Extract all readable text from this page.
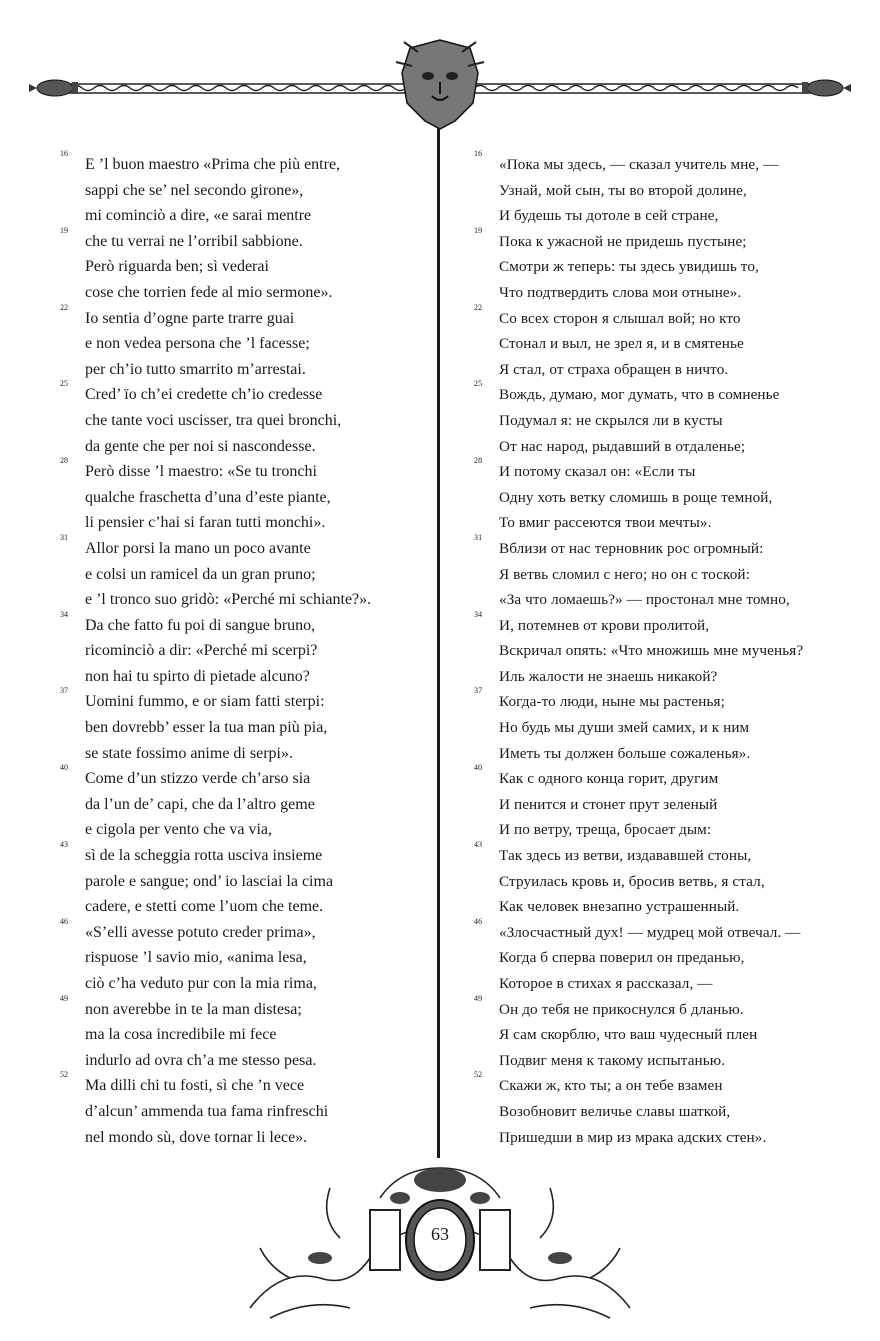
16
E ’l buon maestro «Prima che più entre,
sappi che se’ nel secondo girone»,
mi cominciò a dire, «e sarai mentre
19
che tu verrai ne l’orribil sabbione.
Però riguarda ben; sì vederai
cose che torrien fede al mio sermone».
22
Io sentia d’ogne parte trarre guai
e non vedea persona che ’l facesse;
per ch’io tutto smarrito m’arrestai.
25
Cred’ ïo ch’ei credette ch’io credesse
che tante voci uscisser, tra quei bronchi,
da gente che per noi si nascondesse.
28
Però disse ’l maestro: «Se tu tronchi
qualche fraschetta d’una d’este piante,
li pensier c’hai si faran tutti monchi».
31
Allor porsi la mano un poco avante
e colsi un ramicel da un gran pruno;
e ’l tronco suo gridò: «Perché mi schiante?».
34
Da che fatto fu poi di sangue bruno,
ricominciò a dir: «Perché mi scerpi?
non hai tu spirto di pietade alcuno?
37
Uomini fummo, e or siam fatti sterpi:
ben dovrebb’ esser la tua man più pia,
se state fossimo anime di serpi».
40
Come d’un stizzo verde ch’arso sia
da l’un de’ capi, che da l’altro geme
e cigola per vento che va via,
43
sì de la scheggia rotta usciva insieme
parole e sangue; ond’ io lasciai la cima
cadere, e stetti come l’uom che teme.
46
«S’elli avesse potuto creder prima»,
rispuose ’l savio mio, «anima lesa,
ciò c’ha veduto pur con la mia rima,
49
non averebbe in te la man distesa;
ma la cosa incredibile mi fece
indurlo ad ovra ch’a me stesso pesa.
52
Ma dilli chi tu fosti, sì che ’n vece
d’alcun’ ammenda tua fama rinfreschi
nel mondo sù, dove tornar li lece».
16
«Пока мы здесь, — сказал учитель мне, —
Узнай, мой сын, ты во второй долине,
И будешь ты дотоле в сей стране,
19
Пока к ужасной не придешь пустыне;
Смотри ж теперь: ты здесь увидишь то,
Что подтвердить слова мои отныне».
22
Со всех сторон я слышал вой; но кто
Стонал и выл, не зрел я, и в смятенье
Я стал, от страха обращен в ничто.
25
Вождь, думаю, мог думать, что в сомненье
Подумал я: не скрылся ли в кусты
От нас народ, рыдавший в отдаленье;
28
И потому сказал он: «Если ты
Одну хоть ветку сломишь в роще темной,
То вмиг рассеются твои мечты».
31
Вблизи от нас терновник рос огромный:
Я ветвь сломил с него; но он с тоской:
«За что ломаешь?» — простонал мне томно,
34
И, потемнев от крови пролитой,
Вскричал опять: «Что множишь мне мученья?
Иль жалости не знаешь никакой?
37
Когда-то люди, ныне мы растенья;
Но будь мы души змей самих, и к ним
Иметь ты должен больше сожаленья».
40
Как с одного конца горит, другим
И пенится и стонет прут зеленый
И по ветру, треща, бросает дым:
43
Так здесь из ветви, издававшей стоны,
Струилась кровь и, бросив ветвь, я стал,
Как человек внезапно устрашенный.
46
«Злосчастный дух! — мудрец мой отвечал. —
Когда б сперва поверил он преданью,
Которое в стихах я рассказал, —
49
Он до тебя не прикоснулся б дланью.
Я сам скорблю, что ваш чудесный плен
Подвиг меня к такому испытанью.
52
Скажи ж, кто ты; а он тебе взамен
Возобновит величье славы шаткой,
Пришедши в мир из мрака адских стен».
63
